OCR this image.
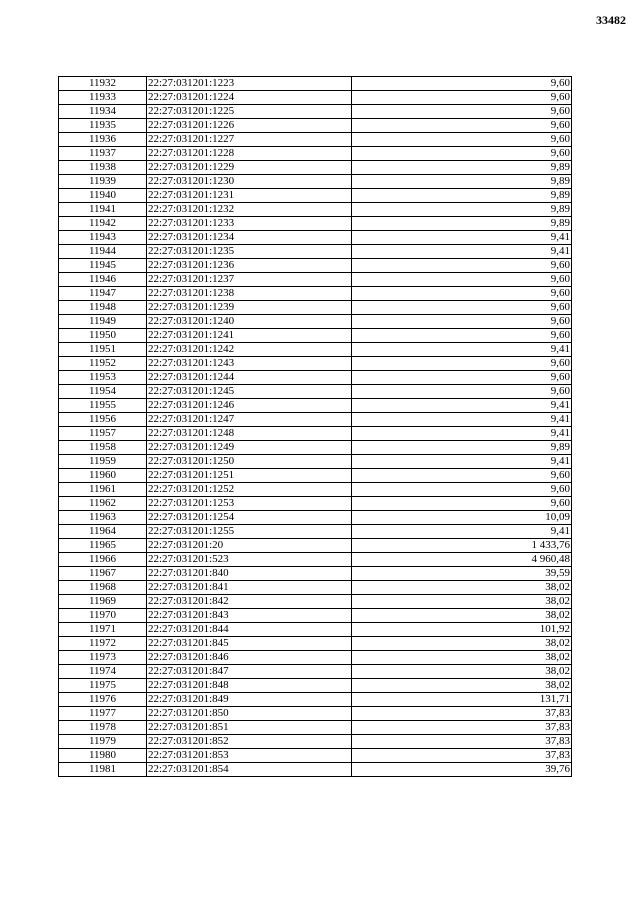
33482
11932	22:27:031201:1223	9,60
11933	22:27:031201:1224	9,60
11934	22:27:031201:1225	9,60
11935	22:27:031201:1226	9,60
11936	22:27:031201:1227	9,60
11937	22:27:031201:1228	9,60
11938	22:27:031201:1229	9,89
11939	22:27:031201:1230	9,89
11940	22:27:031201:1231	9,89
11941	22:27:031201:1232	9,89
11942	22:27:031201:1233	9,89
11943	22:27:031201:1234	9,41
11944	22:27:031201:1235	9,41
11945	22:27:031201:1236	9,60
11946	22:27:031201:1237	9,60
11947	22:27:031201:1238	9,60
11948	22:27:031201:1239	9,60
11949	22:27:031201:1240	9,60
11950	22:27:031201:1241	9,60
11951	22:27:031201:1242	9,41
11952	22:27:031201:1243	9,60
11953	22:27:031201:1244	9,60
11954	22:27:031201:1245	9,60
11955	22:27:031201:1246	9,41
11956	22:27:031201:1247	9,41
11957	22:27:031201:1248	9,41
11958	22:27:031201:1249	9,89
11959	22:27:031201:1250	9,41
11960	22:27:031201:1251	9,60
11961	22:27:031201:1252	9,60
11962	22:27:031201:1253	9,60
11963	22:27:031201:1254	10,09
11964	22:27:031201:1255	9,41
11965	22:27:031201:20	1 433,76
11966	22:27:031201:523	4 960,48
11967	22:27:031201:840	39,59
11968	22:27:031201:841	38,02
11969	22:27:031201:842	38,02
11970	22:27:031201:843	38,02
11971	22:27:031201:844	101,92
11972	22:27:031201:845	38,02
11973	22:27:031201:846	38,02
11974	22:27:031201:847	38,02
11975	22:27:031201:848	38,02
11976	22:27:031201:849	131,71
11977	22:27:031201:850	37,83
11978	22:27:031201:851	37,83
11979	22:27:031201:852	37,83
11980	22:27:031201:853	37,83
11981	22:27:031201:854	39,76
